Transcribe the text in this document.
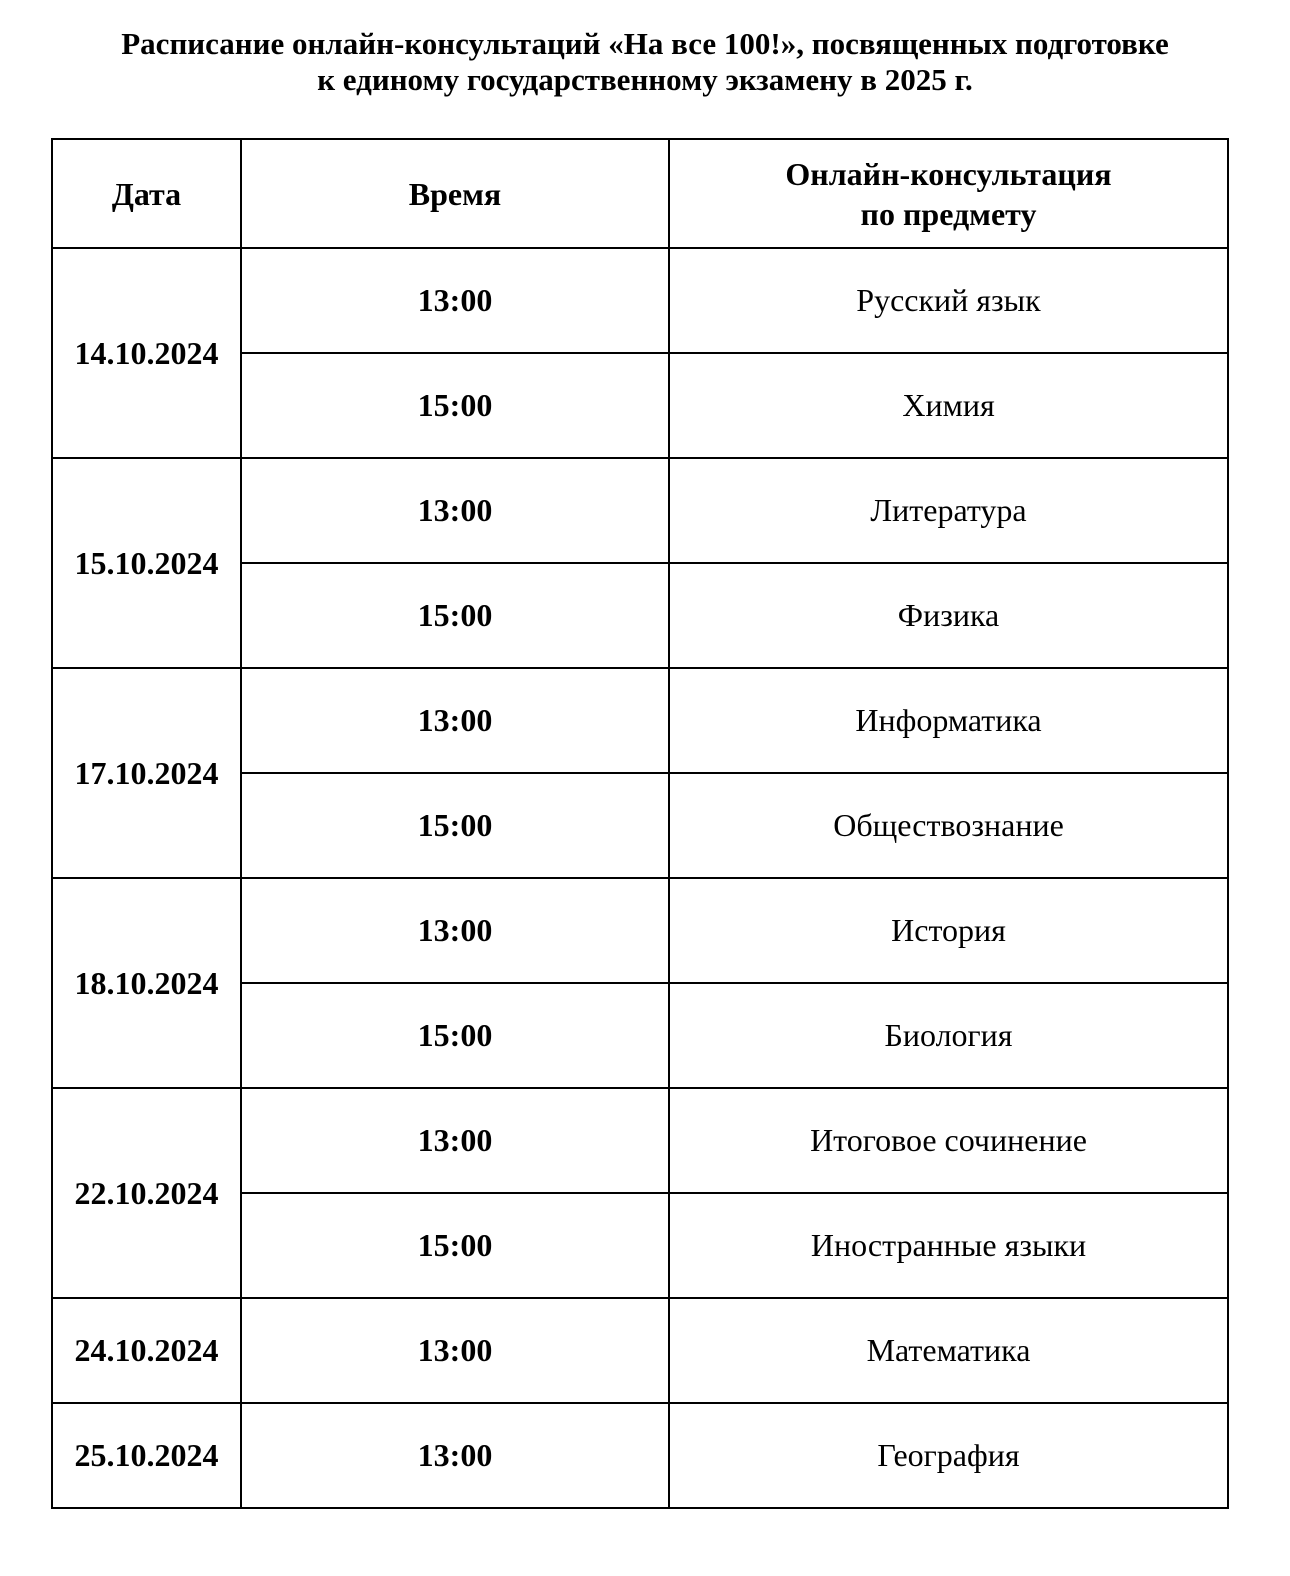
Расписание онлайн-консультаций «На все 100!», посвященных подготовке
к единому государственному экзамену в 2025 г.
Дата	Время	Онлайн-консультация
по предмету

14.10.2024	13:00	Русский язык
	15:00	Химия
15.10.2024	13:00	Литература
	15:00	Физика
17.10.2024	13:00	Информатика
	15:00	Обществознание
18.10.2024	13:00	История
	15:00	Биология
22.10.2024	13:00	Итоговое сочинение
	15:00	Иностранные языки
24.10.2024	13:00	Математика
25.10.2024	13:00	География
